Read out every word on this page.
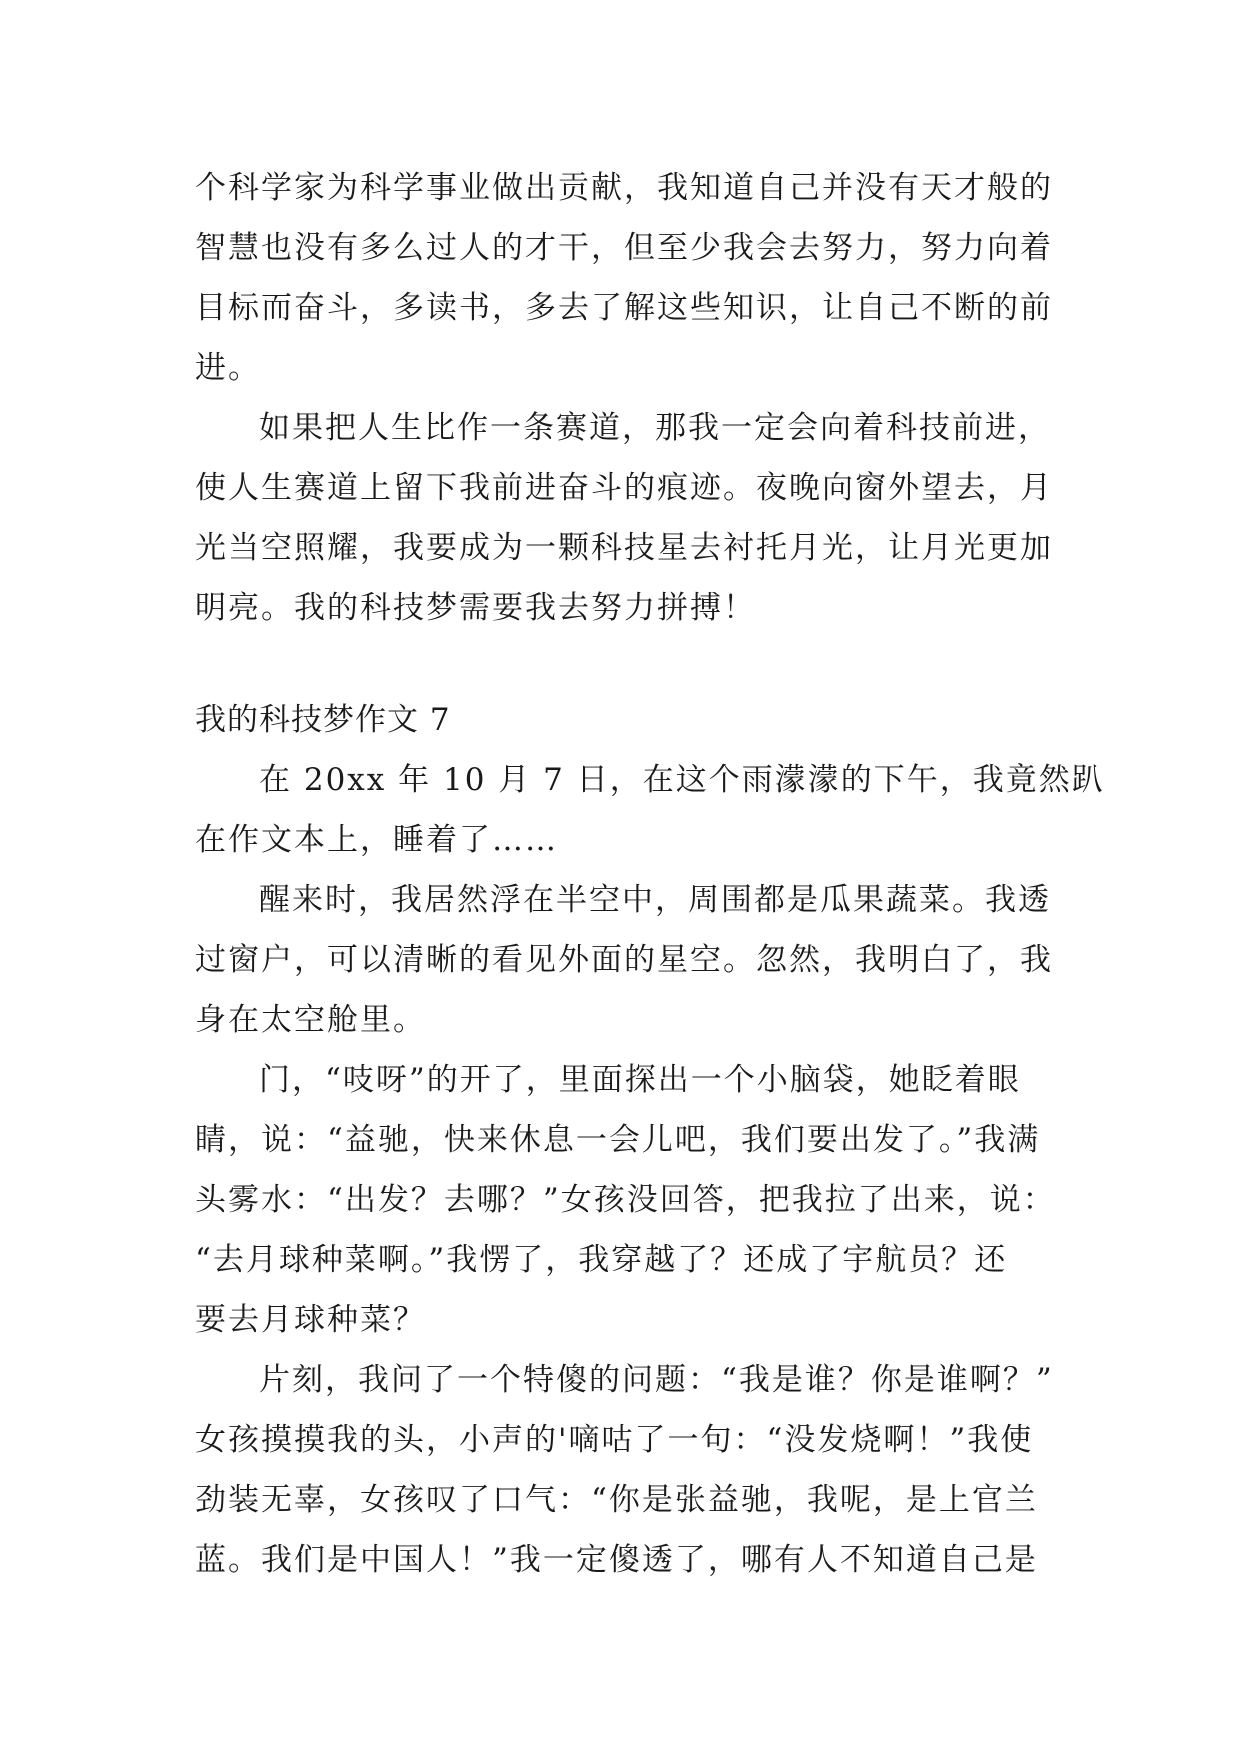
个科学家为科学事业做出贡献，我知道自己并没有天才般的
智慧也没有多么过人的才干，但至少我会去努力，努力向着
目标而奋斗，多读书，多去了解这些知识，让自己不断的前
进。
如果把人生比作一条赛道，那我一定会向着科技前进，
使人生赛道上留下我前进奋斗的痕迹。夜晚向窗外望去，月
光当空照耀，我要成为一颗科技星去衬托月光，让月光更加
明亮。我的科技梦需要我去努力拼搏！
我的科技梦作文 7
在 20xx 年 10 月 7 日，在这个雨濛濛的下午，我竟然趴
在作文本上，睡着了……
醒来时，我居然浮在半空中，周围都是瓜果蔬菜。我透
过窗户，可以清晰的看见外面的星空。忽然，我明白了，我
身在太空舱里。
门，“吱呀”的开了，里面探出一个小脑袋，她眨着眼
睛，说：“益驰，快来休息一会儿吧，我们要出发了。”我满
头雾水：“出发？去哪？”女孩没回答，把我拉了出来，说：
“去月球种菜啊。”我愣了，我穿越了？还成了宇航员？还
要去月球种菜？
片刻，我问了一个特傻的问题：“我是谁？你是谁啊？”
女孩摸摸我的头，小声的'嘀咕了一句：“没发烧啊！”我使
劲装无辜，女孩叹了口气：“你是张益驰，我呢，是上官兰
蓝。我们是中国人！”我一定傻透了，哪有人不知道自己是
